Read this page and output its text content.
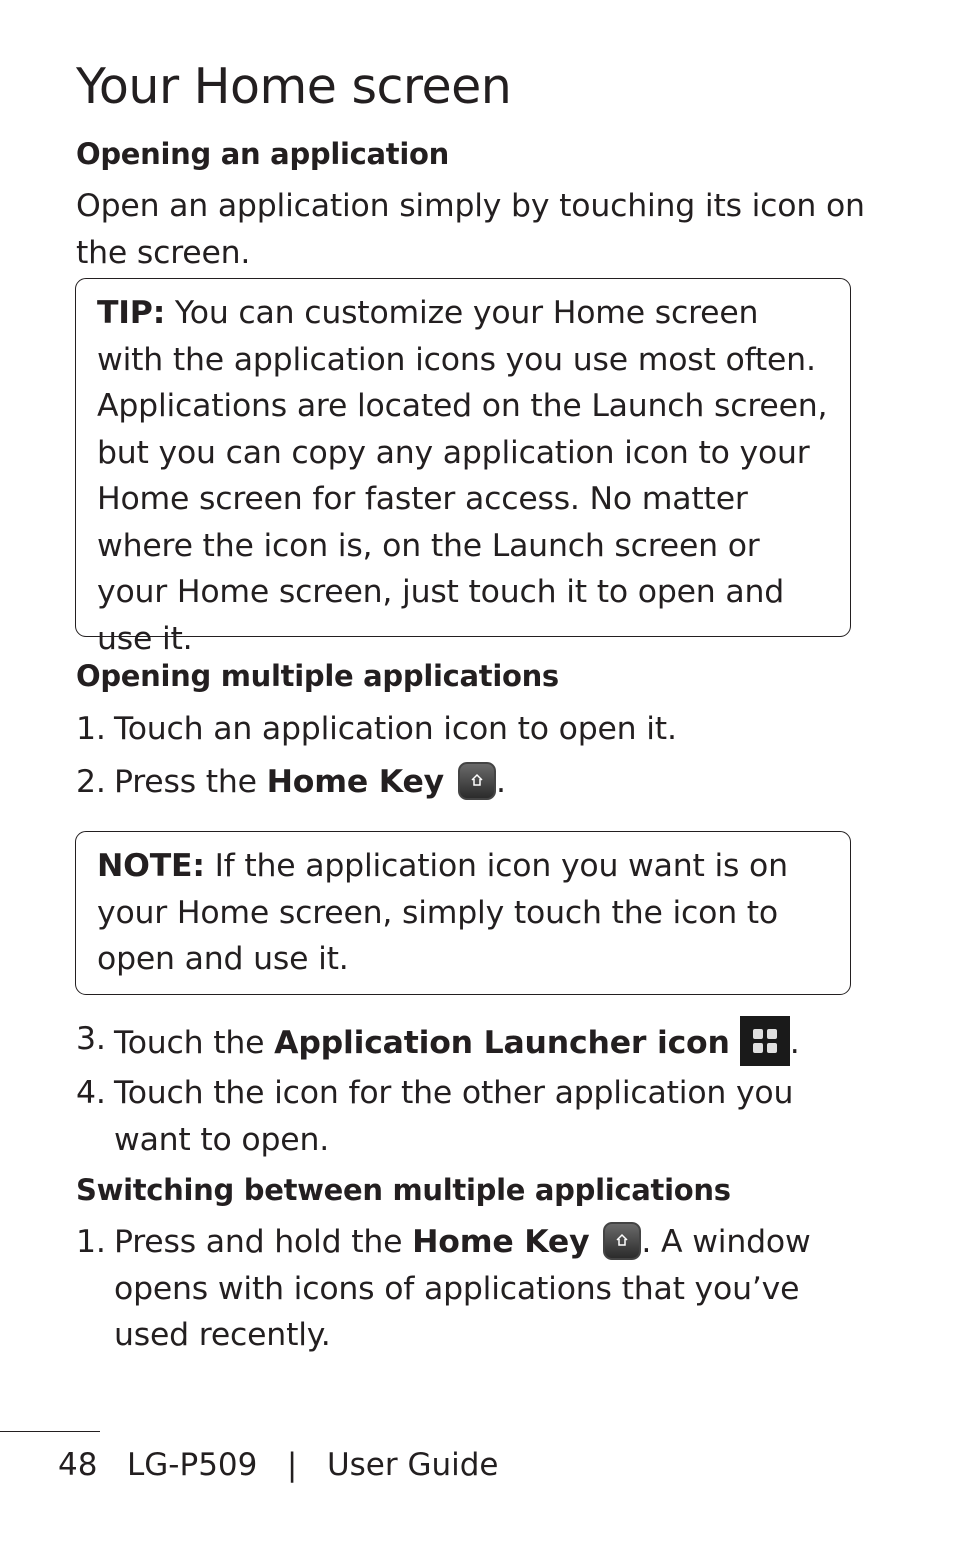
Your Home screen
Opening an application

Open an application simply by touching its icon on the screen.

TIP: You can customize your Home screen
with the application icons you use most often. Applications are located on the Launch screen, but you can copy any application icon to your Home screen for faster access. No matter where the icon is, on the Launch screen or your Home screen, just touch it to open and use it.

Opening multiple applications
1. Touch an application icon to open it.
2. Press the Home Key .

NOTE: If the application icon you want is on your Home screen, simply touch the icon to open and use it.

3. Touch the Application Launcher icon .
4. Touch the icon for the other application you want to open.
Switching between multiple applications
1. Press and hold the Home Key . A window opens with icons of applications that you’ve used recently.

48 LG-P509 | User Guide
